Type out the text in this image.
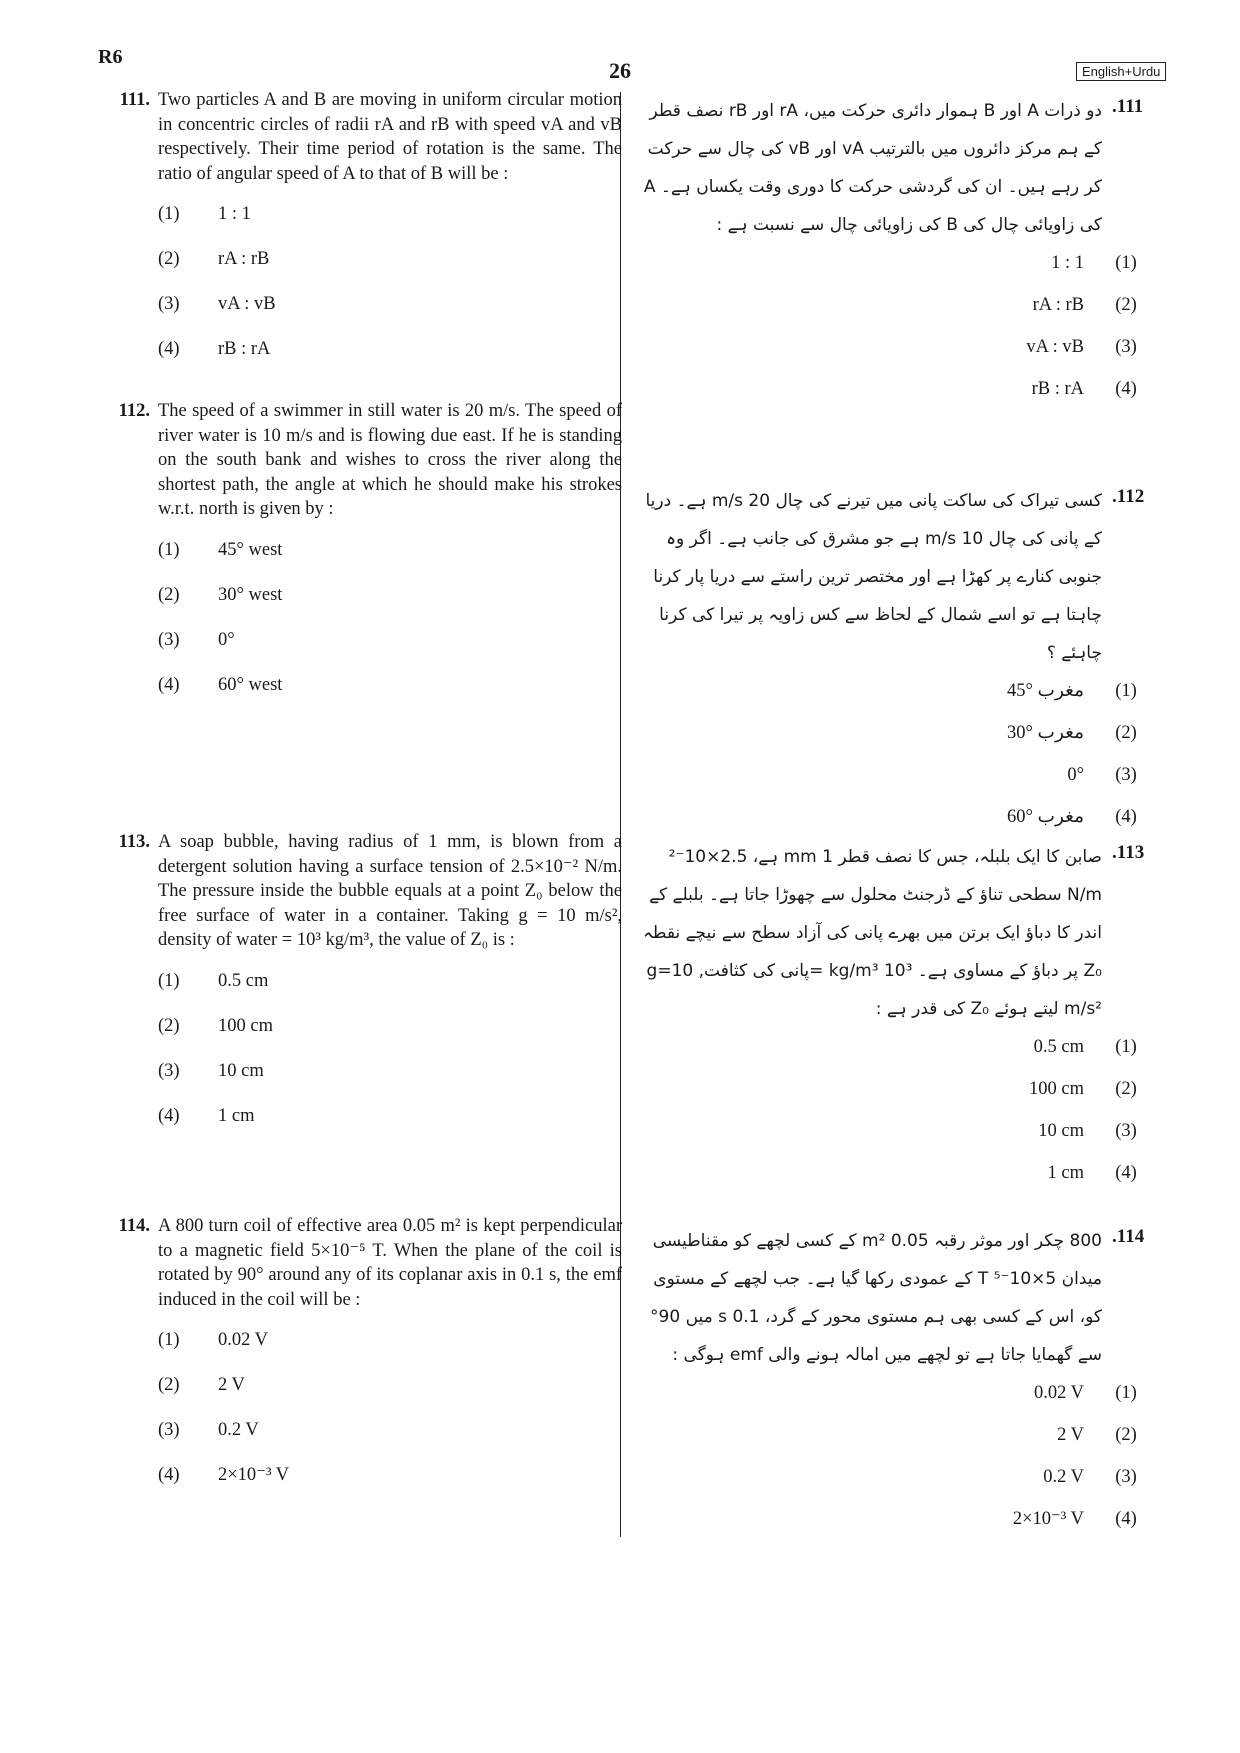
R6
26	English+Urdu
111. Two particles A and B are moving in uniform circular motion in concentric circles of radii rA and rB with speed vA and vB respectively. Their time period of rotation is the same. The ratio of angular speed of A to that of B will be :
(1)	1 : 1
(2)	rA : rB
(3)	vA : vB
(4)	rB : rA
112. The speed of a swimmer in still water is 20 m/s. The speed of river water is 10 m/s and is flowing due east. If he is standing on the south bank and wishes to cross the river along the shortest path, the angle at which he should make his strokes w.r.t. north is given by :
(1)	45° west
(2)	30° west
(3)	0°
(4)	60° west
113. A soap bubble, having radius of 1 mm, is blown from a detergent solution having a surface tension of 2.5×10⁻² N/m. The pressure inside the bubble equals at a point Z₀ below the free surface of water in a container. Taking g = 10 m/s², density of water = 10³ kg/m³, the value of Z₀ is :
(1)	0.5 cm
(2)	100 cm
(3)	10 cm
(4)	1 cm
114. A 800 turn coil of effective area 0.05 m² is kept perpendicular to a magnetic field 5×10⁻⁵ T. When the plane of the coil is rotated by 90° around any of its coplanar axis in 0.1 s, the emf induced in the coil will be :
(1)	0.02 V
(2)	2 V
(3)	0.2 V
(4)	2×10⁻³ V
.111
دو ذرات A اور B ہموار دائری حرکت میں، rA اور rB نصف قطر کے ہم مرکز دائروں میں بالترتیب vA اور vB کی چال سے حرکت کر رہے ہیں۔ ان کی گردشی حرکت کا دوری وقت یکساں ہے۔ A کی زاویائی چال کی B کی زاویائی چال سے نسبت ہے :
1 : 1	(1)
rA : rB	(2)
vA : vB	(3)
rB : rA	(4)
.112
کسی تیراک کی ساکت پانی میں تیرنے کی چال 20 m/s ہے۔ دریا کے پانی کی چال 10 m/s ہے جو مشرق کی جانب ہے۔ اگر وہ جنوبی کنارے پر کھڑا ہے اور مختصر ترین راستے سے دریا پار کرنا چاہتا ہے تو اسے شمال کے لحاظ سے کس زاویہ پر تیرا کی کرنا چاہئے ؟
45° مغرب	(1)
30° مغرب	(2)
0°	(3)
60° مغرب	(4)
.113
صابن کا ایک بلبلہ، جس کا نصف قطر 1 mm ہے، 2.5×10⁻² N/m سطحی تناؤ کے ڈرجنٹ محلول سے چھوڑا جاتا ہے۔ بلبلے کے اندر کا دباؤ ایک برتن میں بھرے پانی کی آزاد سطح سے نیچے نقطہ Z₀ پر دباؤ کے مساوی ہے۔ 10³ kg/m³ =پانی کی کثافت, g=10 m/s² لیتے ہوئے Z₀ کی قدر ہے :
0.5 cm	(1)
100 cm	(2)
10 cm	(3)
1 cm	(4)
.114
800 چکر اور موثر رقبہ 0.05 m² کے کسی لچھے کو مقناطیسی میدان 5×10⁻⁵ T کے عمودی رکھا گیا ہے۔ جب لچھے کے مستوی کو، اس کے کسی بھی ہم مستوی محور کے گرد، 0.1 s میں 90° سے گھمایا جاتا ہے تو لچھے میں امالہ ہونے والی emf ہوگی :
0.02 V	(1)
2 V	(2)
0.2 V	(3)
2×10⁻³ V	(4)
